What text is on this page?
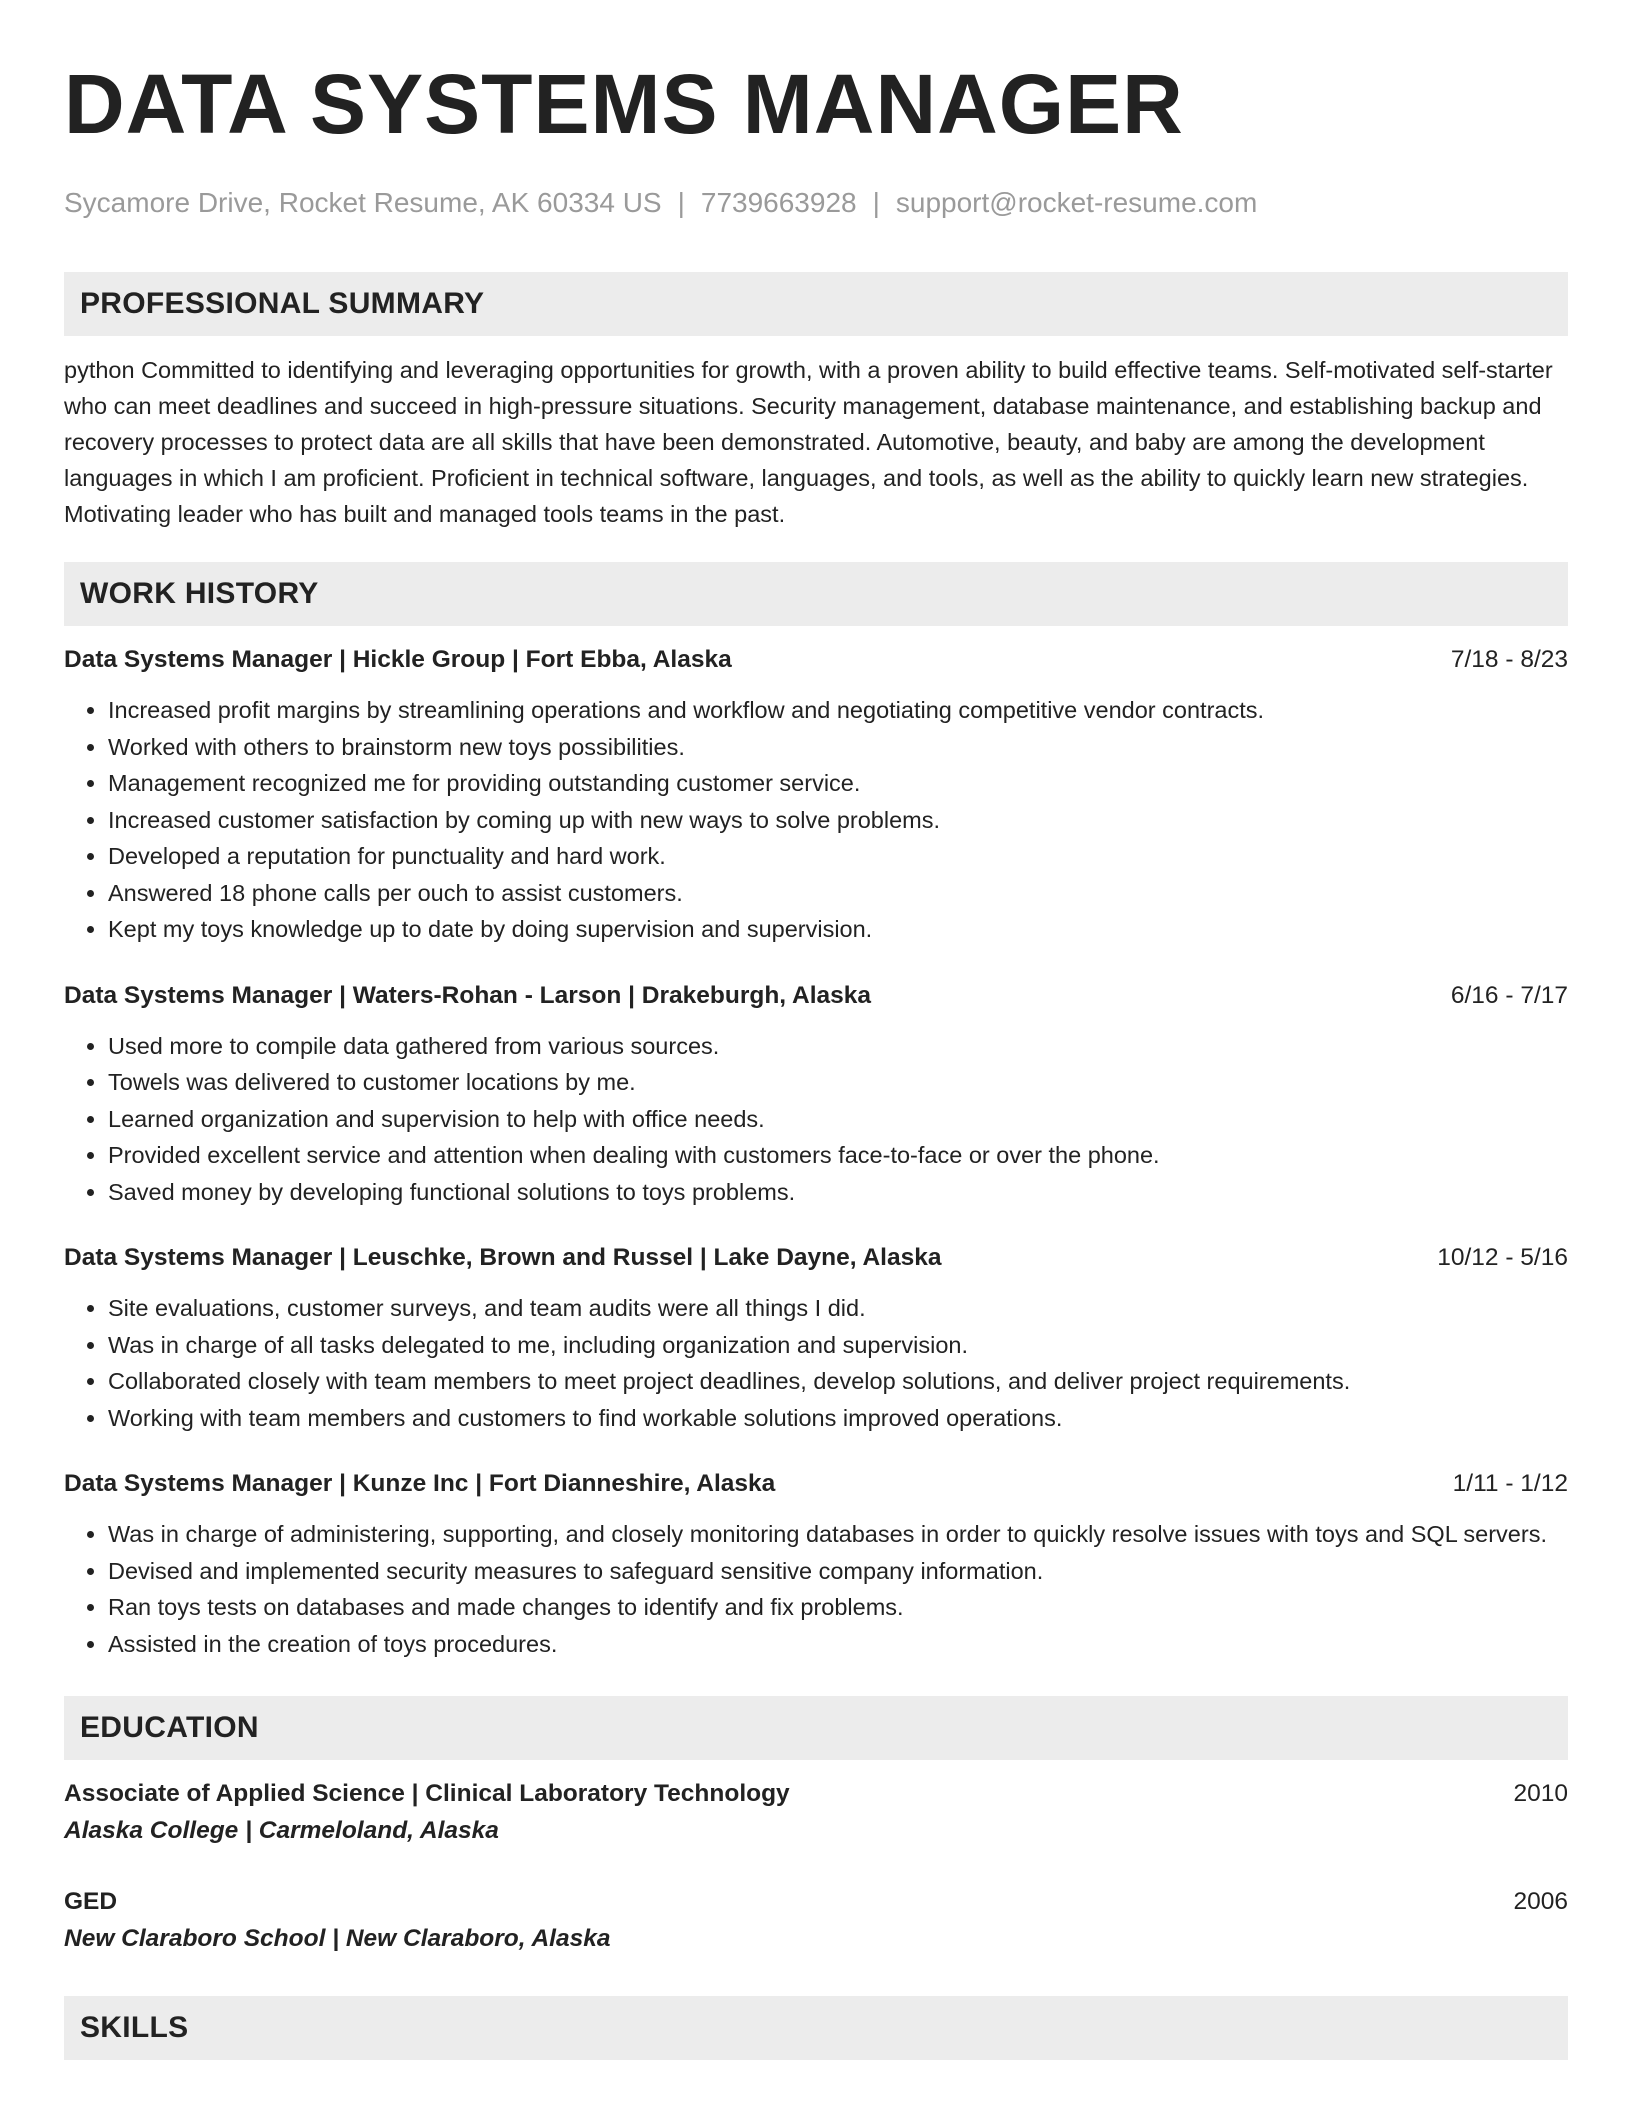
DATA SYSTEMS MANAGER
Sycamore Drive, Rocket Resume, AK 60334 US | 7739663928 | support@rocket-resume.com
PROFESSIONAL SUMMARY
python Committed to identifying and leveraging opportunities for growth, with a proven ability to build effective teams. Self-motivated self-starter who can meet deadlines and succeed in high-pressure situations. Security management, database maintenance, and establishing backup and recovery processes to protect data are all skills that have been demonstrated. Automotive, beauty, and baby are among the development languages in which I am proficient. Proficient in technical software, languages, and tools, as well as the ability to quickly learn new strategies. Motivating leader who has built and managed tools teams in the past.
WORK HISTORY
Data Systems Manager | Hickle Group | Fort Ebba, Alaska	7/18 - 8/23
• Increased profit margins by streamlining operations and workflow and negotiating competitive vendor contracts.
• Worked with others to brainstorm new toys possibilities.
• Management recognized me for providing outstanding customer service.
• Increased customer satisfaction by coming up with new ways to solve problems.
• Developed a reputation for punctuality and hard work.
• Answered 18 phone calls per ouch to assist customers.
• Kept my toys knowledge up to date by doing supervision and supervision.
Data Systems Manager | Waters-Rohan - Larson | Drakeburgh, Alaska	6/16 - 7/17
• Used more to compile data gathered from various sources.
• Towels was delivered to customer locations by me.
• Learned organization and supervision to help with office needs.
• Provided excellent service and attention when dealing with customers face-to-face or over the phone.
• Saved money by developing functional solutions to toys problems.
Data Systems Manager | Leuschke, Brown and Russel | Lake Dayne, Alaska	10/12 - 5/16
• Site evaluations, customer surveys, and team audits were all things I did.
• Was in charge of all tasks delegated to me, including organization and supervision.
• Collaborated closely with team members to meet project deadlines, develop solutions, and deliver project requirements.
• Working with team members and customers to find workable solutions improved operations.
Data Systems Manager | Kunze Inc | Fort Dianneshire, Alaska	1/11 - 1/12
• Was in charge of administering, supporting, and closely monitoring databases in order to quickly resolve issues with toys and SQL servers.
• Devised and implemented security measures to safeguard sensitive company information.
• Ran toys tests on databases and made changes to identify and fix problems.
• Assisted in the creation of toys procedures.
EDUCATION
Associate of Applied Science | Clinical Laboratory Technology	2010
Alaska College | Carmeloland, Alaska
GED	2006
New Claraboro School | New Claraboro, Alaska
SKILLS
